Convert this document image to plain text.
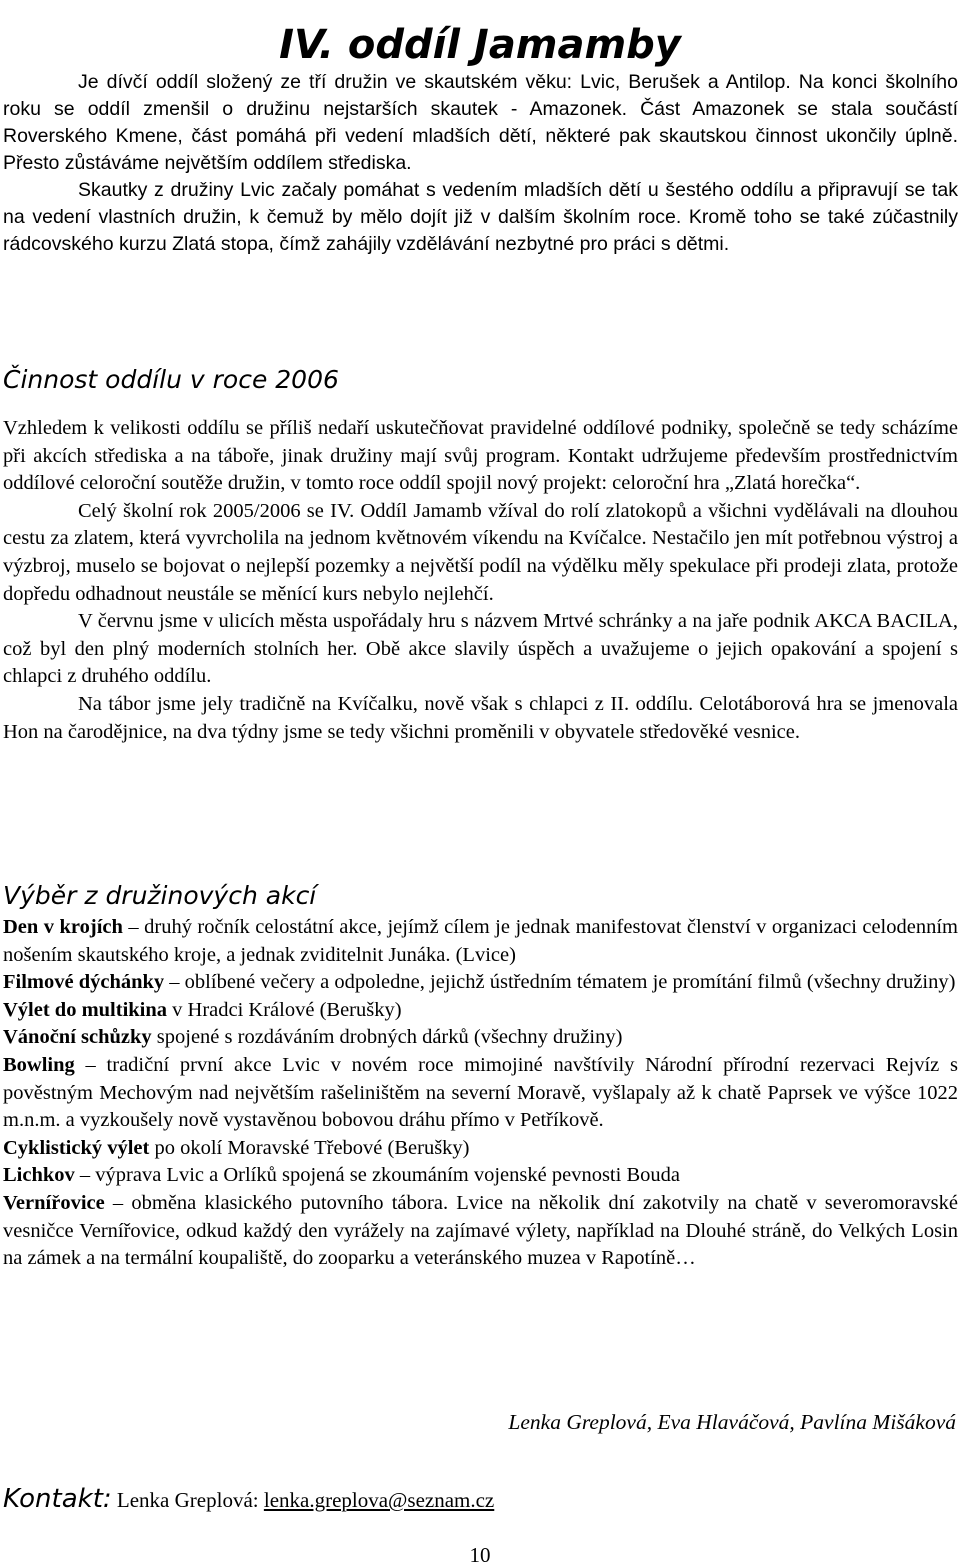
IV. oddíl Jamamby

Je dívčí oddíl složený ze tří družin ve skautském věku: Lvic, Berušek a Antilop. Na konci školního roku se oddíl zmenšil o družinu nejstarších skautek - Amazonek. Část Amazonek se stala součástí Roverského Kmene, část pomáhá při vedení mladších dětí, některé pak skautskou činnost ukončily úplně. Přesto zůstáváme největším oddílem střediska.

Skautky z družiny Lvic začaly pomáhat s vedením mladších dětí u šestého oddílu a připravují se tak na vedení vlastních družin, k čemuž by mělo dojít již v dalším školním roce. Kromě toho se také zúčastnily rádcovského kurzu Zlatá stopa, čímž zahájily vzdělávání nezbytné pro práci s dětmi.

Činnost oddílu v roce 2006

Vzhledem k velikosti oddílu se příliš nedaří uskutečňovat pravidelné oddílové podniky, společně se tedy scházíme při akcích střediska a na táboře, jinak družiny mají svůj program. Kontakt udržujeme především prostřednictvím oddílové celoroční soutěže družin, v tomto roce oddíl spojil nový projekt: celoroční hra „Zlatá horečka“.

Celý školní rok 2005/2006 se IV. Oddíl Jamamb vžíval do rolí zlatokopů a všichni vydělávali na dlouhou cestu za zlatem, která vyvrcholila na jednom květnovém víkendu na Kvíčalce. Nestačilo jen mít potřebnou výstroj a výzbroj, muselo se bojovat o nejlepší pozemky a největší podíl na výdělku měly spekulace při prodeji zlata, protože dopředu odhadnout neustále se měnící kurs nebylo nejlehčí.

V červnu jsme v ulicích města uspořádaly hru s názvem Mrtvé schránky a na jaře podnik AKCA BACILA, což byl den plný moderních stolních her. Obě akce slavily úspěch a uvažujeme o jejich opakování a spojení s chlapci z druhého oddílu.

Na tábor jsme jely tradičně na Kvíčalku, nově však s chlapci z II. oddílu. Celotáborová hra se jmenovala Hon na čarodějnice, na dva týdny jsme se tedy všichni proměnili v obyvatele středověké vesnice.

Výběr z družinových akcí

Den v krojích – druhý ročník celostátní akce, jejímž cílem je jednak manifestovat členství v organizaci celodenním nošením skautského kroje, a jednak zviditelnit Junáka. (Lvice)

Filmové dýchánky – oblíbené večery a odpoledne, jejichž ústředním tématem je promítání filmů (všechny družiny)

Výlet do multikina v Hradci Králové (Berušky)

Vánoční schůzky spojené s rozdáváním drobných dárků (všechny družiny)

Bowling – tradiční první akce Lvic v novém roce mimojiné navštívily Národní přírodní rezervaci Rejvíz s pověstným Mechovým nad největším rašeliništěm na severní Moravě, vyšlapaly až k chatě Paprsek ve výšce 1022 m.n.m. a vyzkoušely nově vystavěnou bobovou dráhu přímo v Petříkově.

Cyklistický výlet po okolí Moravské Třebové (Berušky)

Lichkov – výprava Lvic a Orlíků spojená se zkoumáním vojenské pevnosti Bouda

Vernířovice – obměna klasického putovního tábora. Lvice na několik dní zakotvily na chatě v severomoravské vesničce Vernířovice, odkud každý den vyrážely na zajímavé výlety, například na Dlouhé stráně, do Velkých Losin na zámek a na termální koupaliště, do zooparku a veteránského muzea v Rapotíně…

Lenka Greplová, Eva Hlaváčová, Pavlína Mišáková
Kontakt: Lenka Greplová: lenka.greplova@seznam.cz
10
